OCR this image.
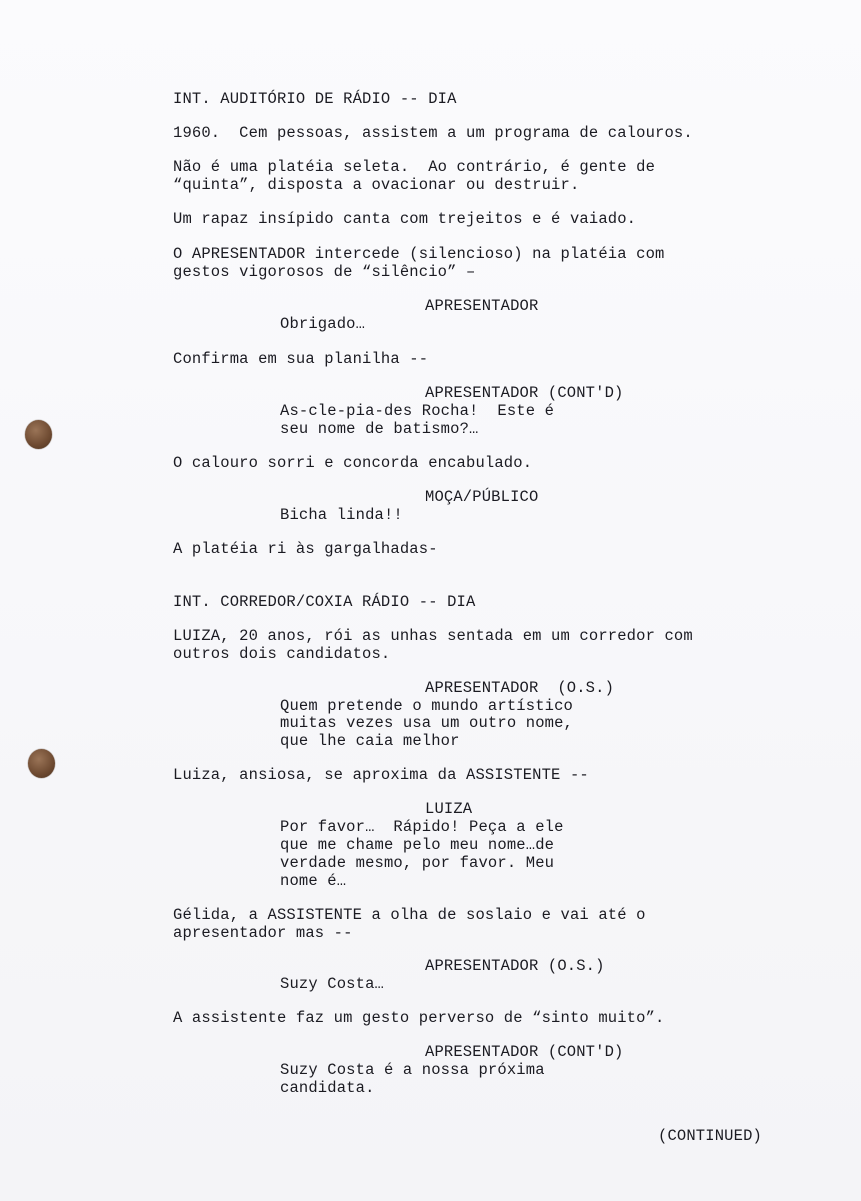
INT. AUDITÓRIO DE RÁDIO -- DIA
1960.  Cem pessoas, assistem a um programa de calouros.
Não é uma platéia seleta.  Ao contrário, é gente de
“quinta”, disposta a ovacionar ou destruir.
Um rapaz insípido canta com trejeitos e é vaiado.
O APRESENTADOR intercede (silencioso) na platéia com
gestos vigorosos de “silêncio” –
APRESENTADOR
Obrigado…
Confirma em sua planilha --
APRESENTADOR (CONT'D)
As-cle-pia-des Rocha!  Este é
seu nome de batismo?…
O calouro sorri e concorda encabulado.
MOÇA/PÚBLICO
Bicha linda!!
A platéia ri às gargalhadas-
INT. CORREDOR/COXIA RÁDIO -- DIA
LUIZA, 20 anos, rói as unhas sentada em um corredor com
outros dois candidatos.
APRESENTADOR  (O.S.)
Quem pretende o mundo artístico
muitas vezes usa um outro nome,
que lhe caia melhor
Luiza, ansiosa, se aproxima da ASSISTENTE --
LUIZA
Por favor…  Rápido! Peça a ele
que me chame pelo meu nome…de
verdade mesmo, por favor. Meu
nome é…
Gélida, a ASSISTENTE a olha de soslaio e vai até o
apresentador mas --
APRESENTADOR (O.S.)
Suzy Costa…
A assistente faz um gesto perverso de “sinto muito”.
APRESENTADOR (CONT'D)
Suzy Costa é a nossa próxima
candidata.
(CONTINUED)
